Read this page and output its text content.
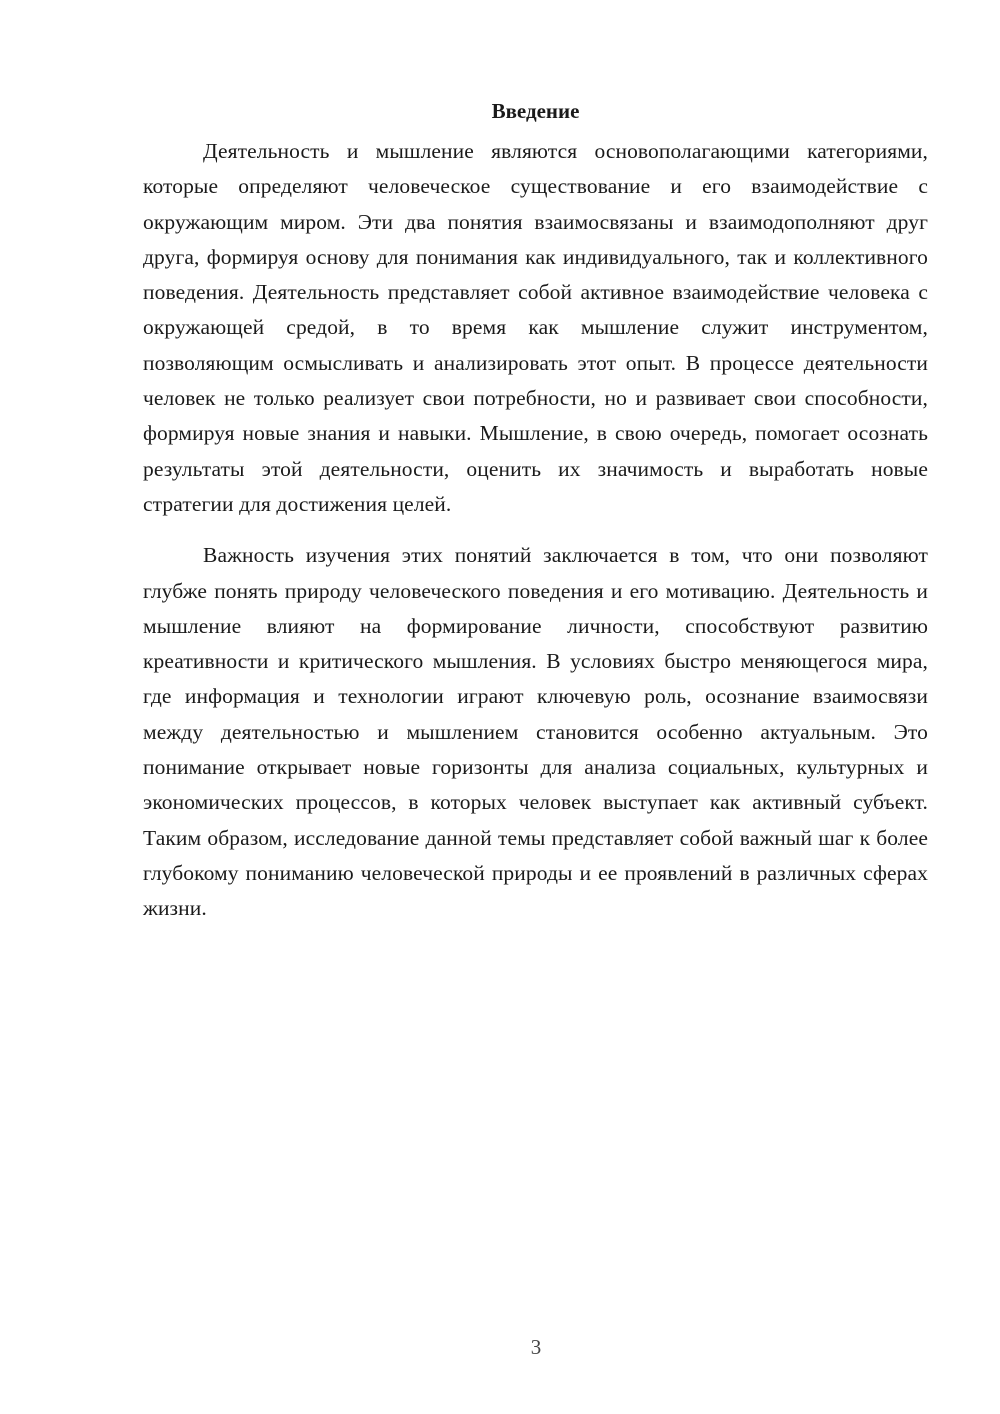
Введение

Деятельность и мышление являются основополагающими категориями, которые определяют человеческое существование и его взаимодействие с окружающим миром. Эти два понятия взаимосвязаны и взаимодополняют друг друга, формируя основу для понимания как индивидуального, так и коллективного поведения. Деятельность представляет собой активное взаимодействие человека с окружающей средой, в то время как мышление служит инструментом, позволяющим осмысливать и анализировать этот опыт. В процессе деятельности человек не только реализует свои потребности, но и развивает свои способности, формируя новые знания и навыки. Мышление, в свою очередь, помогает осознать результаты этой деятельности, оценить их значимость и выработать новые стратегии для достижения целей.

Важность изучения этих понятий заключается в том, что они позволяют глубже понять природу человеческого поведения и его мотивацию. Деятельность и мышление влияют на формирование личности, способствуют развитию креативности и критического мышления. В условиях быстро меняющегося мира, где информация и технологии играют ключевую роль, осознание взаимосвязи между деятельностью и мышлением становится особенно актуальным. Это понимание открывает новые горизонты для анализа социальных, культурных и экономических процессов, в которых человек выступает как активный субъект. Таким образом, исследование данной темы представляет собой важный шаг к более глубокому пониманию человеческой природы и ее проявлений в различных сферах жизни.

3
